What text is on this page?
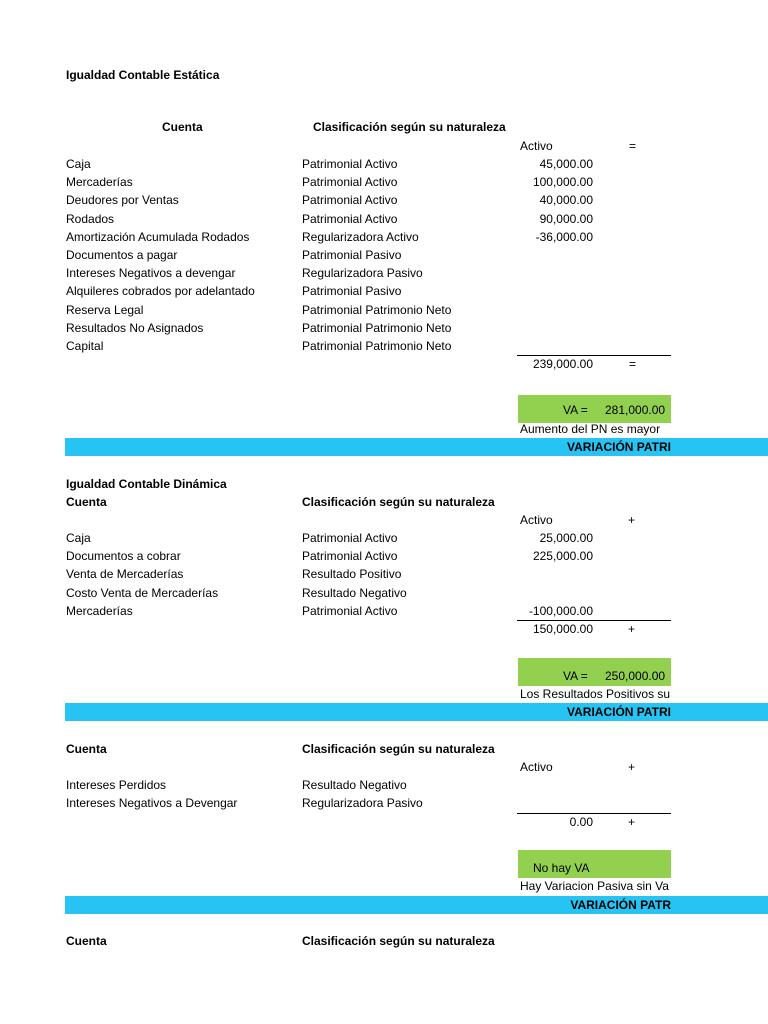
Igualdad Contable Estática
Cuenta	Clasificación según su naturaleza
Activo	=
Caja	Patrimonial Activo	45,000.00
Mercaderías	Patrimonial Activo	100,000.00
Deudores por Ventas	Patrimonial Activo	40,000.00
Rodados	Patrimonial Activo	90,000.00
Amortización Acumulada Rodados	Regularizadora Activo	-36,000.00
Documentos a pagar	Patrimonial Pasivo
Intereses Negativos a devengar	Regularizadora Pasivo
Alquileres cobrados por adelantado	Patrimonial Pasivo
Reserva Legal	Patrimonial Patrimonio Neto
Resultados No Asignados	Patrimonial Patrimonio Neto
Capital	Patrimonial Patrimonio Neto
239,000.00	=
VA = 281,000.00
Aumento del PN es mayor
VARIACIÓN PATRI
Igualdad Contable Dinámica
Cuenta	Clasificación según su naturaleza
Activo	+
Caja	Patrimonial Activo	25,000.00
Documentos a cobrar	Patrimonial Activo	225,000.00
Venta de Mercaderías	Resultado Positivo
Costo Venta de Mercaderías	Resultado Negativo
Mercaderías	Patrimonial Activo	-100,000.00
150,000.00	+
VA = 250,000.00
Los Resultados Positivos su
VARIACIÓN PATRI
Cuenta	Clasificación según su naturaleza
Activo	+
Intereses Perdidos	Resultado Negativo
Intereses Negativos a Devengar	Regularizadora Pasivo
0.00	+
No hay VA
Hay Variacion Pasiva sin Va
VARIACIÓN PATR
Cuenta	Clasificación según su naturaleza
